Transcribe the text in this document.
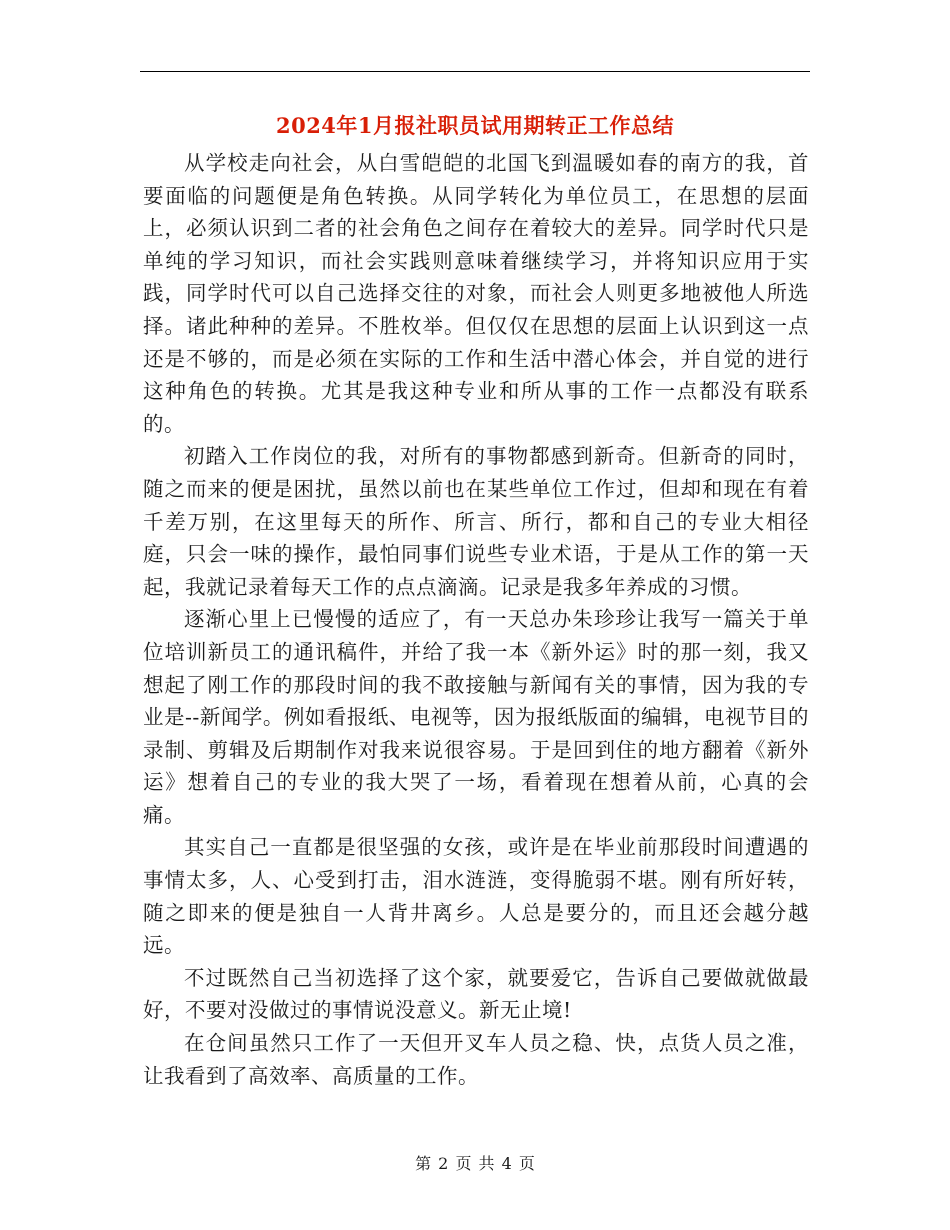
2024年1月报社职员试用期转正工作总结

从学校走向社会，从白雪皑皑的北国飞到温暖如春的南方的我，首要面临的问题便是角色转换。从同学转化为单位员工，在思想的层面上，必须认识到二者的社会角色之间存在着较大的差异。同学时代只是单纯的学习知识，而社会实践则意味着继续学习，并将知识应用于实践，同学时代可以自己选择交往的对象，而社会人则更多地被他人所选择。诸此种种的差异。不胜枚举。但仅仅在思想的层面上认识到这一点还是不够的，而是必须在实际的工作和生活中潜心体会，并自觉的进行这种角色的转换。尤其是我这种专业和所从事的工作一点都没有联系的。

初踏入工作岗位的我，对所有的事物都感到新奇。但新奇的同时，随之而来的便是困扰，虽然以前也在某些单位工作过，但却和现在有着千差万别，在这里每天的所作、所言、所行，都和自己的专业大相径庭，只会一味的操作，最怕同事们说些专业术语，于是从工作的第一天起，我就记录着每天工作的点点滴滴。记录是我多年养成的习惯。

逐渐心里上已慢慢的适应了，有一天总办朱珍珍让我写一篇关于单位培训新员工的通讯稿件，并给了我一本《新外运》时的那一刻，我又想起了刚工作的那段时间的我不敢接触与新闻有关的事情，因为我的专业是--新闻学。例如看报纸、电视等，因为报纸版面的编辑，电视节目的录制、剪辑及后期制作对我来说很容易。于是回到住的地方翻着《新外运》想着自己的专业的我大哭了一场，看着现在想着从前，心真的会痛。

其实自己一直都是很坚强的女孩，或许是在毕业前那段时间遭遇的事情太多，人、心受到打击，泪水涟涟，变得脆弱不堪。刚有所好转，随之即来的便是独自一人背井离乡。人总是要分的，而且还会越分越远。

不过既然自己当初选择了这个家，就要爱它，告诉自己要做就做最好，不要对没做过的事情说没意义。新无止境!

在仓间虽然只工作了一天但开叉车人员之稳、快，点货人员之准，让我看到了高效率、高质量的工作。

第 2 页 共 4 页
